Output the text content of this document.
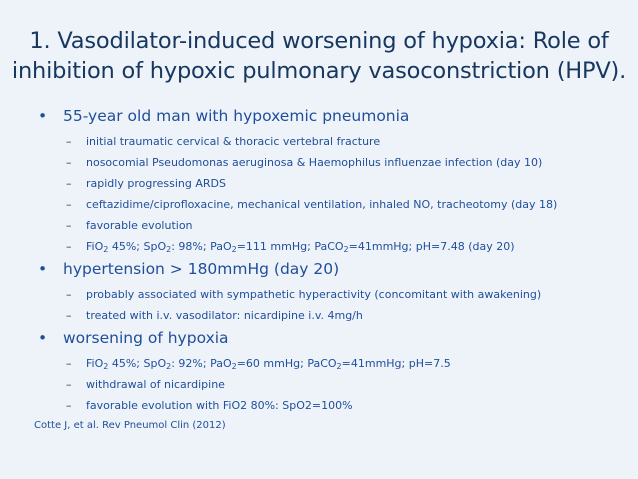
1. Vasodilator-induced worsening of hypoxia: Role of
inhibition of hypoxic pulmonary vasoconstriction (HPV).
• 55-year old man with hypoxemic pneumonia
– initial traumatic cervical & thoracic vertebral fracture
– nosocomial Pseudomonas aeruginosa & Haemophilus influenzae infection (day 10)
– rapidly progressing ARDS
– ceftazidime/ciprofloxacine, mechanical ventilation, inhaled NO, tracheotomy (day 18)
– favorable evolution
– FiO$_2$ 45%; SpO$_2$: 98%; PaO$_2$=111 mmHg; PaCO$_2$=41mmHg; pH=7.48 (day 20)
• hypertension > 180mmHg (day 20)
– probably associated with sympathetic hyperactivity (concomitant with awakening)
– treated with i.v. vasodilator: nicardipine i.v. 4mg/h
• worsening of hypoxia
– FiO$_2$ 45%; SpO$_2$: 92%; PaO$_2$=60 mmHg; PaCO$_2$=41mmHg; pH=7.5
– withdrawal of nicardipine
– favorable evolution with FiO2 80%: SpO2=100%
Cotte J, et al. Rev Pneumol Clin (2012)
